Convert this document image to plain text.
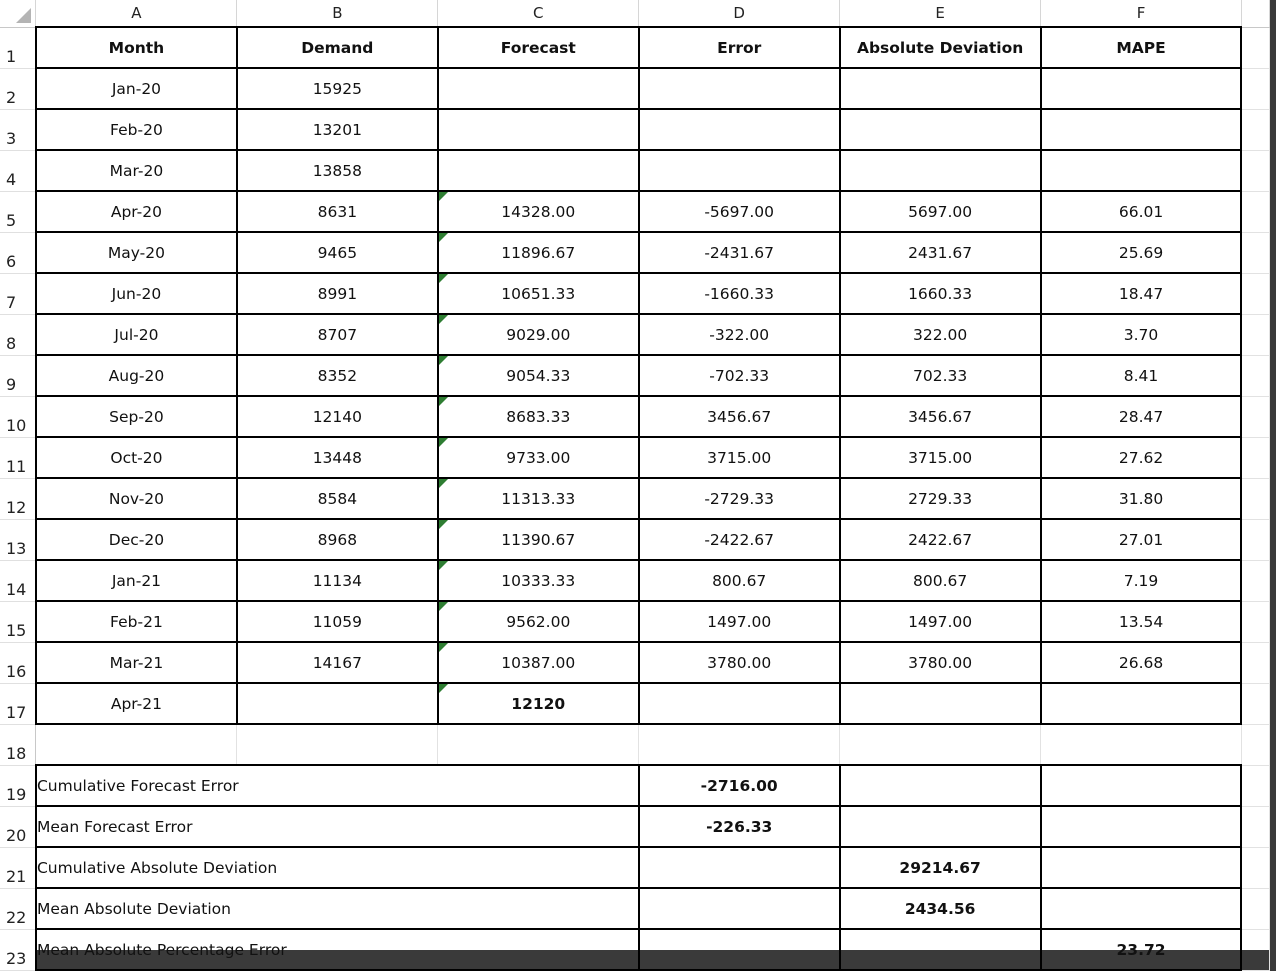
	A	B	C	D	E	F	
1	Month	Demand	Forecast	Error	Absolute Deviation	MAPE	
2	Jan-20	15925					
3	Feb-20	13201					
4	Mar-20	13858					
5	Apr-20	8631	14328.00	-5697.00	5697.00	66.01	
6	May-20	9465	11896.67	-2431.67	2431.67	25.69	
7	Jun-20	8991	10651.33	-1660.33	1660.33	18.47	
8	Jul-20	8707	9029.00	-322.00	322.00	3.70	
9	Aug-20	8352	9054.33	-702.33	702.33	8.41	
10	Sep-20	12140	8683.33	3456.67	3456.67	28.47	
11	Oct-20	13448	9733.00	3715.00	3715.00	27.62	
12	Nov-20	8584	11313.33	-2729.33	2729.33	31.80	
13	Dec-20	8968	11390.67	-2422.67	2422.67	27.01	
14	Jan-21	11134	10333.33	800.67	800.67	7.19	
15	Feb-21	11059	9562.00	1497.00	1497.00	13.54	
16	Mar-21	14167	10387.00	3780.00	3780.00	26.68	
17	Apr-21		12120				
18							
19	Cumulative Forecast Error			-2716.00			
20	Mean Forecast Error			-226.33			
21	Cumulative Absolute Deviation				29214.67		
22	Mean Absolute Deviation				2434.56		
23	Mean Absolute Percentage Error					23.72	
